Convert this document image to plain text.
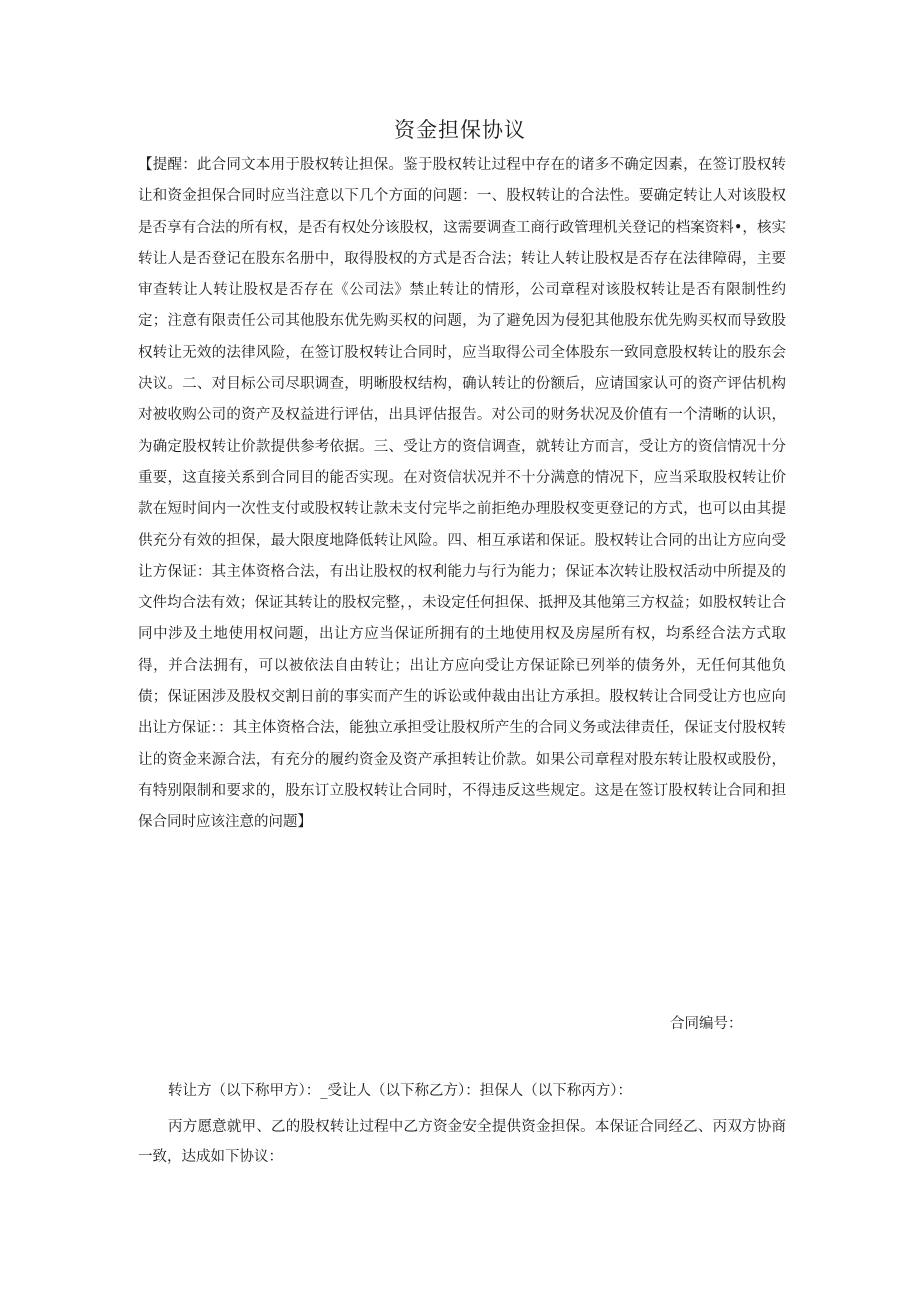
资金担保协议

【提醒：此合同文本用于股权转让担保。鉴于股权转让过程中存在的诸多不确定因素，在签订股权转让和资金担保合同时应当注意以下几个方面的问题：一、股权转让的合法性。要确定转让人对该股权是否享有合法的所有权，是否有权处分该股权，这需要调查工商行政管理机关登记的档案资料•，核实转让人是否登记在股东名册中，取得股权的方式是否合法；转让人转让股权是否存在法律障碍，主要审查转让人转让股权是否存在《公司法》禁止转让的情形，公司章程对该股权转让是否有限制性约定；注意有限责任公司其他股东优先购买权的问题，为了避免因为侵犯其他股东优先购买权而导致股权转让无效的法律风险，在签订股权转让合同时，应当取得公司全体股东一致同意股权转让的股东会决议。二、对目标公司尽职调查，明晰股权结构，确认转让的份额后，应请国家认可的资产评估机构对被收购公司的资产及权益进行评估，出具评估报告。对公司的财务状况及价值有一个清晰的认识，为确定股权转让价款提供参考依据。三、受让方的资信调查，就转让方而言，受让方的资信情况十分重要，这直接关系到合同目的能否实现。在对资信状况并不十分满意的情况下，应当采取股权转让价款在短时间内一次性支付或股权转让款未支付完毕之前拒绝办理股权变更登记的方式，也可以由其提供充分有效的担保，最大限度地降低转让风险。四、相互承诺和保证。股权转让合同的出让方应向受让方保证：其主体资格合法，有出让股权的权利能力与行为能力；保证本次转让股权活动中所提及的文件均合法有效；保证其转让的股权完整，，未设定任何担保、抵押及其他第三方权益；如股权转让合同中涉及土地使用权问题，出让方应当保证所拥有的土地使用权及房屋所有权，均系经合法方式取得，并合法拥有，可以被依法自由转让；出让方应向受让方保证除已列举的债务外，无任何其他负债；保证困涉及股权交割日前的事实而产生的诉讼或仲裁由出让方承担。股权转让合同受让方也应向出让方保证：：其主体资格合法，能独立承担受让股权所产生的合同义务或法律责任，保证支付股权转让的资金来源合法，有充分的履约资金及资产承担转让价款。如果公司章程对股东转让股权或股份，有特别限制和要求的，股东订立股权转让合同时，不得违反这些规定。这是在签订股权转让合同和担保合同时应该注意的问题】

合同编号：
转让方（以下称甲方）：_受让人（以下称乙方）：担保人（以下称丙方）：

丙方愿意就甲、乙的股权转让过程中乙方资金安全提供资金担保。本保证合同经乙、丙双方协商一致，达成如下协议：
